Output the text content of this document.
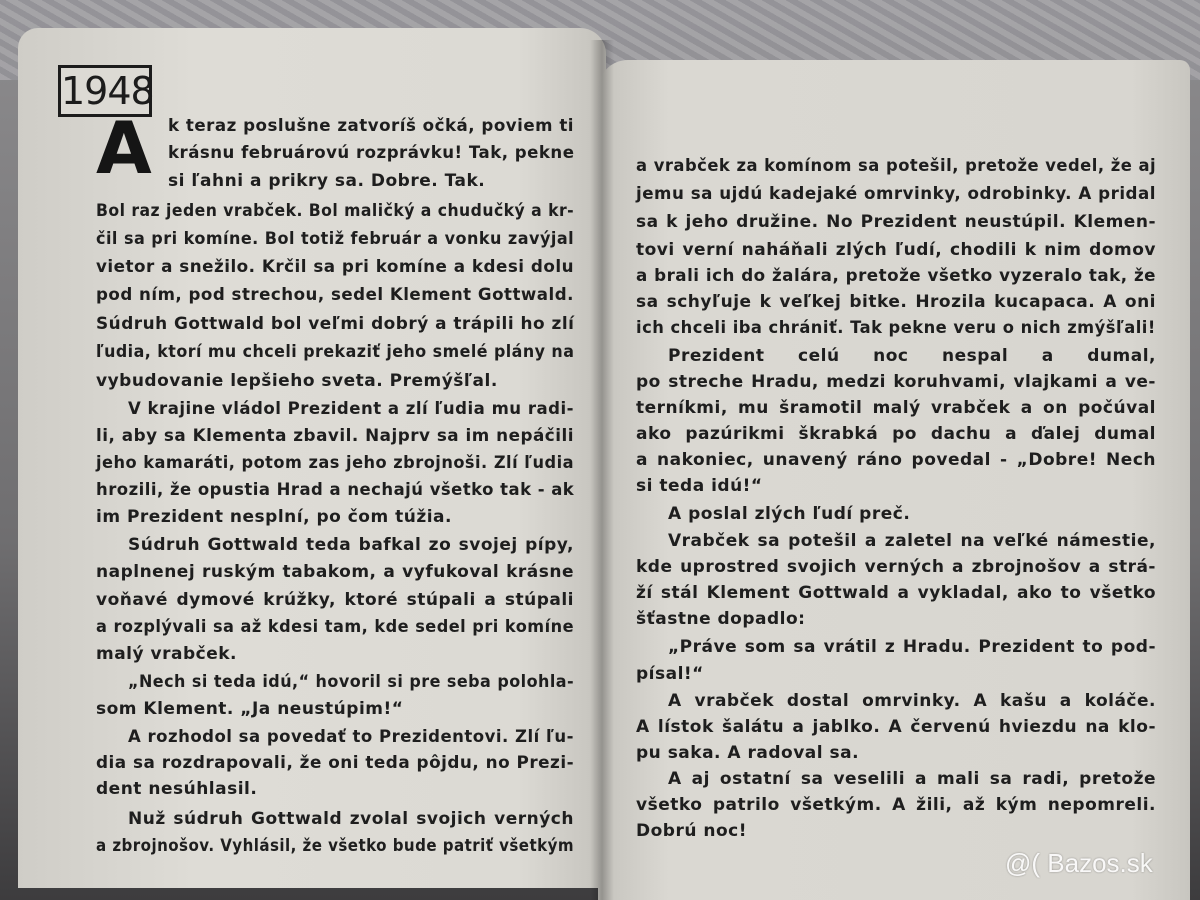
1948
A k teraz poslušne zatvoríš očká, poviem ti
krásnu februárovú rozprávku! Tak, pekne
si ľahni a prikry sa. Dobre. Tak.
Bol raz jeden vrabček. Bol maličký a chudučký a kr-
čil sa pri komíne. Bol totiž február a vonku zavýjal
vietor a snežilo. Krčil sa pri komíne a kdesi dolu
pod ním, pod strechou, sedel Klement Gottwald.
Súdruh Gottwald bol veľmi dobrý a trápili ho zlí
ľudia, ktorí mu chceli prekaziť jeho smelé plány na
vybudovanie lepšieho sveta. Premýšľal.
V krajine vládol Prezident a zlí ľudia mu radi-
li, aby sa Klementa zbavil. Najprv sa im nepáčili
jeho kamaráti, potom zas jeho zbrojnoši. Zlí ľudia
hrozili, že opustia Hrad a nechajú všetko tak - ak
im Prezident nesplní, po čom túžia.
Súdruh Gottwald teda bafkal zo svojej pípy,
naplnenej ruským tabakom, a vyfukoval krásne
voňavé dymové krúžky, ktoré stúpali a stúpali
a rozplývali sa až kdesi tam, kde sedel pri komíne
malý vrabček.
„Nech si teda idú,“ hovoril si pre seba polohla-
som Klement. „Ja neustúpim!“
A rozhodol sa povedať to Prezidentovi. Zlí ľu-
dia sa rozdrapovali, že oni teda pôjdu, no Prezi-
dent nesúhlasil.
Nuž súdruh Gottwald zvolal svojich verných
a zbrojnošov. Vyhlásil, že všetko bude patriť všetkým
a vrabček za komínom sa potešil, pretože vedel, že aj
jemu sa ujdú kadejaké omrvinky, odrobinky. A pridal
sa k jeho družine. No Prezident neustúpil. Klemen-
tovi verní naháňali zlých ľudí, chodili k nim domov
a brali ich do žalára, pretože všetko vyzeralo tak, že
sa schyľuje k veľkej bitke. Hrozila kucapaca. A oni
ich chceli iba chrániť. Tak pekne veru o nich zmýšľali!
Prezident celú noc nespal a dumal,
po streche Hradu, medzi koruhvami, vlajkami a ve-
terníkmi, mu šramotil malý vrabček a on počúval
ako pazúrikmi škrabká po dachu a ďalej dumal
a nakoniec, unavený ráno povedal - „Dobre! Nech
si teda idú!“
A poslal zlých ľudí preč.
Vrabček sa potešil a zaletel na veľké námestie,
kde uprostred svojich verných a zbrojnošov a strá-
ží stál Klement Gottwald a vykladal, ako to všetko
šťastne dopadlo:
„Práve som sa vrátil z Hradu. Prezident to pod-
písal!“
A vrabček dostal omrvinky. A kašu a koláče.
A lístok šalátu a jablko. A červenú hviezdu na klo-
pu saka. A radoval sa.
A aj ostatní sa veselili a mali sa radi, pretože
všetko patrilo všetkým. A žili, až kým nepomreli.
Dobrú noc!
@( Bazos.sk
